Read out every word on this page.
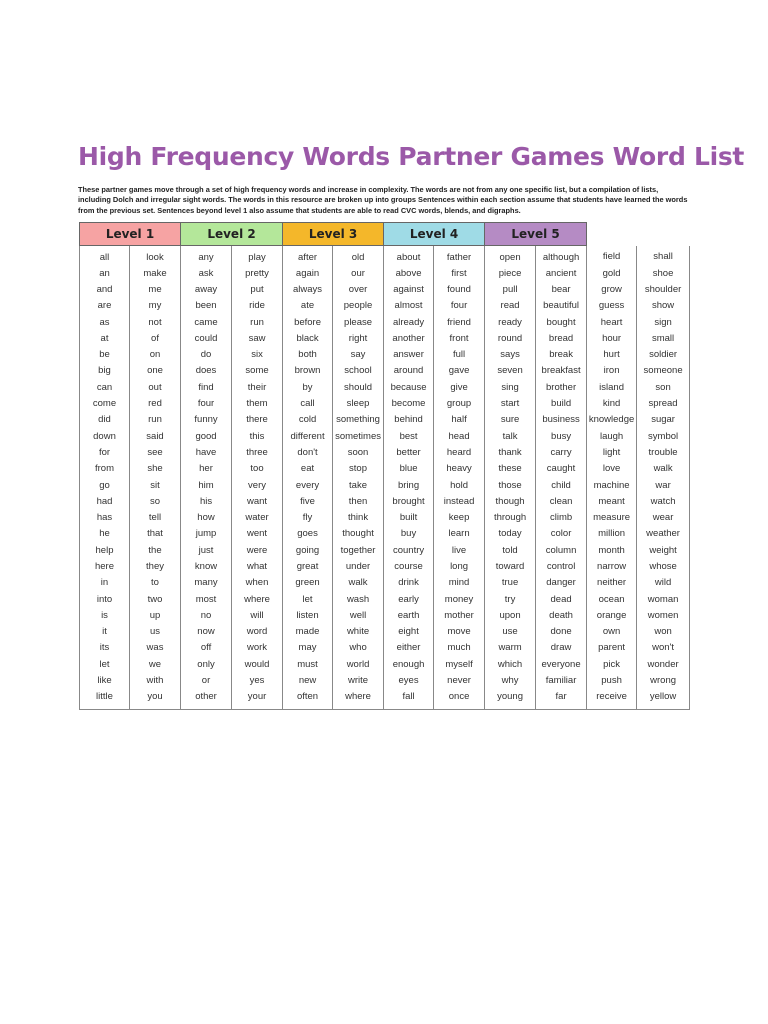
High Frequency Words Partner Games Word List
These partner games move through a set of high frequency words and increase in complexity. The words are not from any one specific list, but a compilation of lists, including Dolch and irregular sight words. The words in this resource are broken up into groups Sentences within each section assume that students have learned the words from the previous set. Sentences beyond level 1 also assume that students are able to read CVC words, blends, and digraphs.
Level 1		Level 2		Level 3		Level 4		Level 5			
all	look	any	play	after	old	about	father	open	although	field	shall
an	make	ask	pretty	again	our	above	first	piece	ancient	gold	shoe
and	me	away	put	always	over	against	found	pull	bear	grow	shoulder
are	my	been	ride	ate	people	almost	four	read	beautiful	guess	show
as	not	came	run	before	please	already	friend	ready	bought	heart	sign
at	of	could	saw	black	right	another	front	round	bread	hour	small
be	on	do	six	both	say	answer	full	says	break	hurt	soldier
big	one	does	some	brown	school	around	gave	seven	breakfast	iron	someone
can	out	find	their	by	should	because	give	sing	brother	island	son
come	red	four	them	call	sleep	become	group	start	build	kind	spread
did	run	funny	there	cold	something	behind	half	sure	business	knowledge	sugar
down	said	good	this	different	sometimes	best	head	talk	busy	laugh	symbol
for	see	have	three	don't	soon	better	heard	thank	carry	light	trouble
from	she	her	too	eat	stop	blue	heavy	these	caught	love	walk
go	sit	him	very	every	take	bring	hold	those	child	machine	war
had	so	his	want	five	then	brought	instead	though	clean	meant	watch
has	tell	how	water	fly	think	built	keep	through	climb	measure	wear
he	that	jump	went	goes	thought	buy	learn	today	color	million	weather
help	the	just	were	going	together	country	live	told	column	month	weight
here	they	know	what	great	under	course	long	toward	control	narrow	whose
in	to	many	when	green	walk	drink	mind	true	danger	neither	wild
into	two	most	where	let	wash	early	money	try	dead	ocean	woman
is	up	no	will	listen	well	earth	mother	upon	death	orange	women
it	us	now	word	made	white	eight	move	use	done	own	won
its	was	off	work	may	who	either	much	warm	draw	parent	won't
let	we	only	would	must	world	enough	myself	which	everyone	pick	wonder
like	with	or	yes	new	write	eyes	never	why	familiar	push	wrong
little	you	other	your	often	where	fall	once	young	far	receive	yellow
